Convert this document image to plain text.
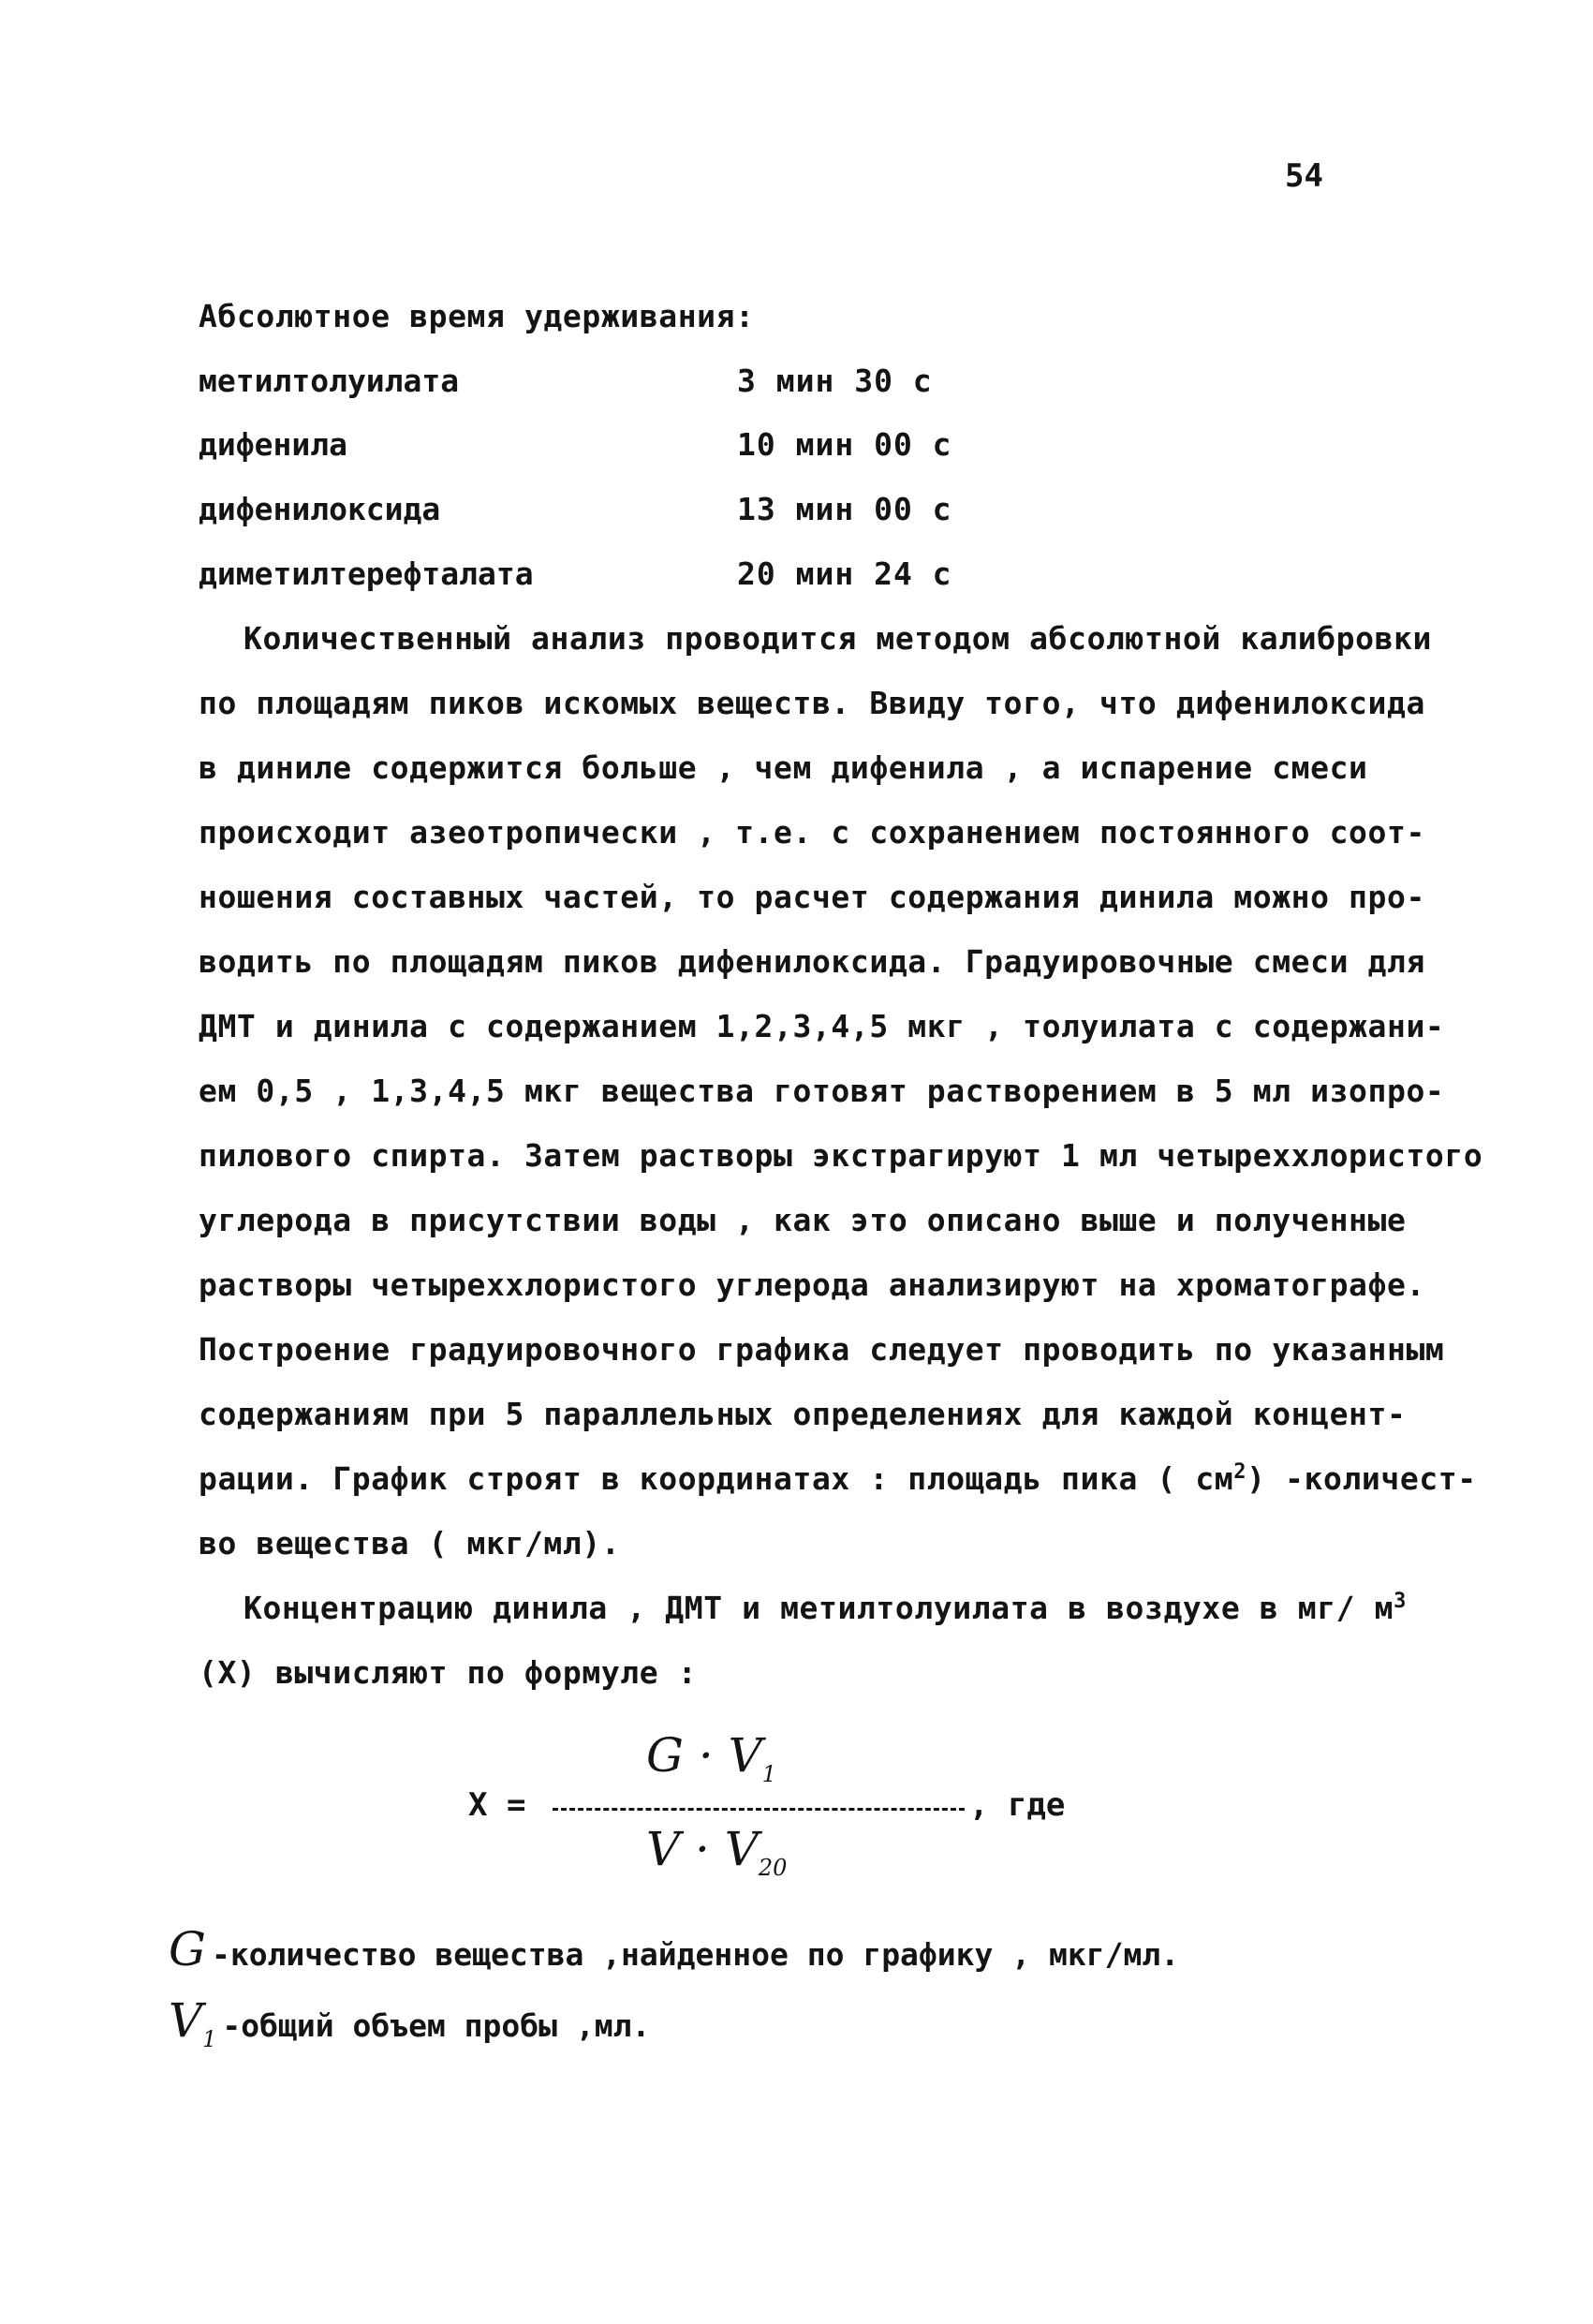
54
Абсолютное время удерживания:
метилтолуилата	3 мин 30 с
дифенила	10 мин 00 с
дифенилоксида	13 мин 00 с
диметилтерефталата	20 мин 24 с
Количественный анализ проводится методом абсолютной калибровки
по площадям пиков искомых веществ. Ввиду того, что дифенилоксида
в диниле содержится больше , чем дифенила , а испарение смеси
происходит азеотропически , т.е. с сохранением постоянного соот-
ношения составных частей, то расчет содержания динила можно про-
водить по площадям пиков дифенилоксида. Градуировочные смеси для
ДМТ и динила с содержанием 1,2,3,4,5 мкг , толуилата с содержани-
ем 0,5 , 1,3,4,5 мкг вещества готовят растворением в 5 мл изопро-
пилового спирта. Затем растворы экстрагируют 1 мл четыреххлористого
углерода в присутствии воды , как это описано выше и полученные
растворы четыреххлористого углерода анализируют на хроматографе.
Построение градуировочного графика следует проводить по указанным
содержаниям при 5 параллельных определениях для каждой концент-
рации. График строят в координатах : площадь пика ( $см^2$) -количест-
во вещества ( мкг/мл).
Концентрацию динила , ДМТ и метилтолуилата в воздухе в мг/ $м^3$
(X) вычисляют по формуле :
X =
$G \cdot V_1$
$V \cdot V_{20}$
, где
G -количество вещества ,найденное по графику , мкг/мл.
$V_1$ -общий объем пробы ,мл.
